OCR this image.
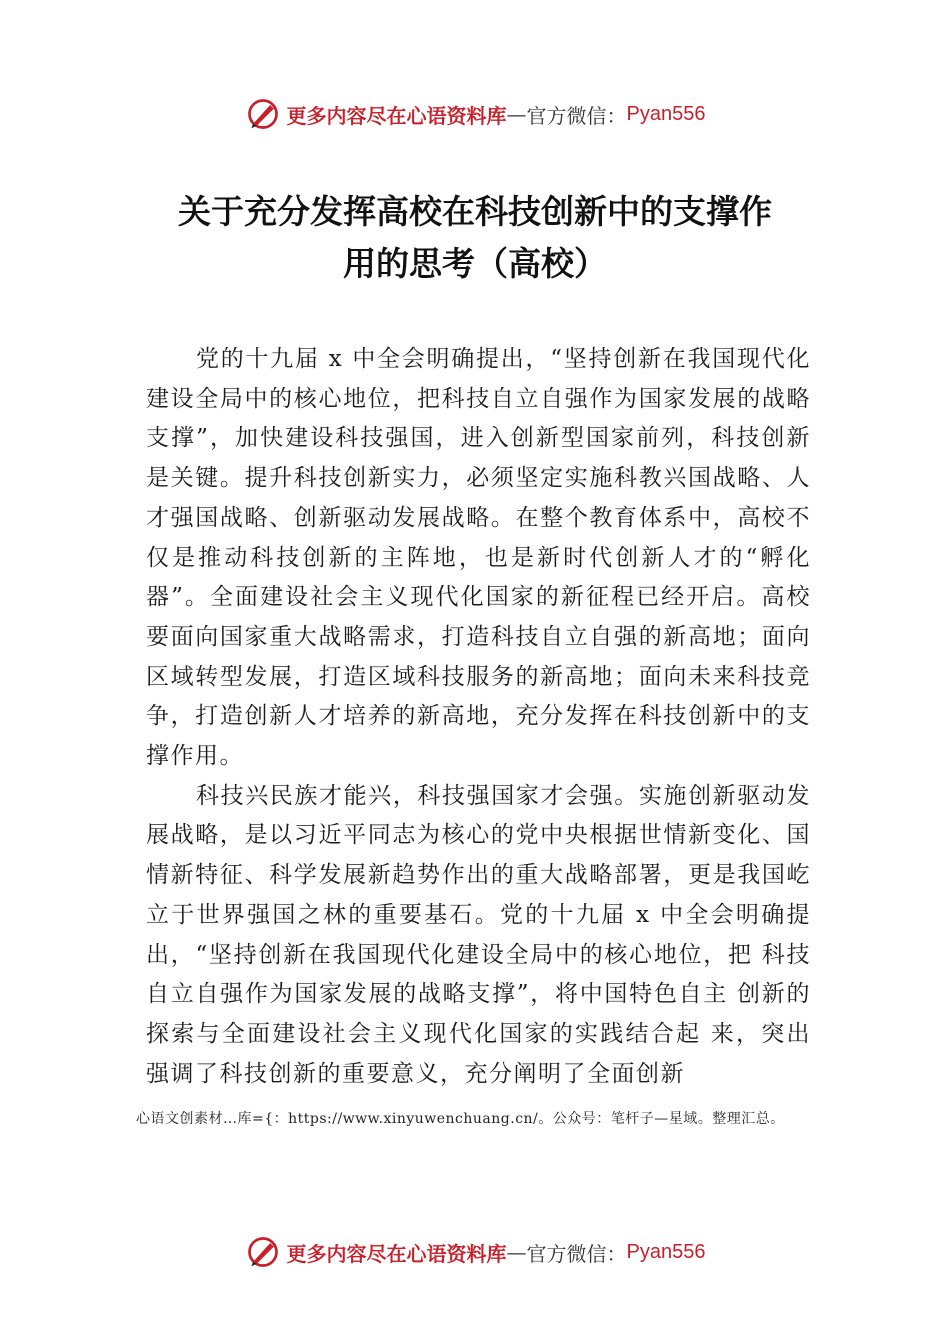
更多内容尽在心语资料库 — 官方微信： Pyan556
关于充分发挥高校在科技创新中的支撑作
用的思考（高校）

党的十九届 x 中全会明确提出，“坚持创新在我国现代化建设全局中的核心地位，把科技自立自强作为国家发展的战略支撑”，加快建设科技强国，进入创新型国家前列，科技创新是关键。提升科技创新实力，必须坚定实施科教兴国战略、人才强国战略、创新驱动发展战略。在整个教育体系中，高校不仅是推动科技创新的主阵地，也是新时代创新人才的“孵化器”。全面建设社会主义现代化国家的新征程已经开启。高校要面向国家重大战略需求，打造科技自立自强的新高地；面向区域转型发展，打造区域科技服务的新高地；面向未来科技竞争，打造创新人才培养的新高地，充分发挥在科技创新中的支撑作用。

科技兴民族才能兴，科技强国家才会强。实施创新驱动发展战略，是以习近平同志为核心的党中央根据世情新变化、国情新特征、科学发展新趋势作出的重大战略部署，更是我国屹立于世界强国之林的重要基石。党的十九届 x 中全会明确提出，“坚持创新在我国现代化建设全局中的核心地位，把 科技自立自强作为国家发展的战略支撑”，将中国特色自主 创新的探索与全面建设社会主义现代化国家的实践结合起 来，突出强调了科技创新的重要意义，充分阐明了全面创新

心语文创素材…库={：https://www.xinyuwenchuang.cn/。公众号：笔杆子—星域。整理汇总。
更多内容尽在心语资料库 — 官方微信： Pyan556
